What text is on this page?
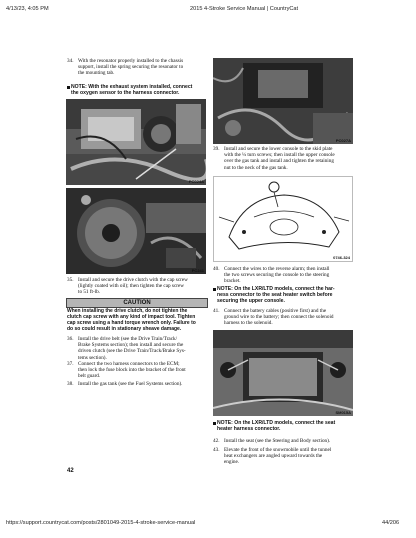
4/13/23, 4:05 PM	2015 4-Stroke Service Manual | CountryCat
https://support.countrycat.com/posts/2801049-2015-4-stroke-service-manual	44/206
34. With the resonator properly installed to the chassis
support, install the spring securing the resonator to
the mounting tab.
NOTE: With the exhaust system installed, connect
the oxygen sensor to the harness connector.
PC024A
PC241
35. Install and secure the drive clutch with the cap screw
(lightly coated with oil); then tighten the cap screw
to 51 ft-lb.
CAUTION
When installing the drive clutch, do not tighten the
clutch cap screw with any kind of impact tool. Tighten
cap screw using a hand torque wrench only. Failure to
do so could result in stationary sheave damage.
36. Install the drive belt (see the Drive Train/Track/
Brake Systems section); then install and secure the
driven clutch (see the Drive Train/Track/Brake Sys-
tems section).
37. Connect the two harness connectors to the ECM;
then lock the fuse block into the bracket of the front
belt guard.
38. Install the gas tank (see the Fuel Systems section).
42
PC027A
39. Install and secure the lower console to the skid plate
with the ¼ turn screws; then install the upper console
over the gas tank and install and tighten the retaining
nut to the neck of the gas tank.
0746-324
40. Connect the wires to the reverse alarm; then install
the two screws securing the console to the steering
bracket.
NOTE: On the LXR/LTD models, connect the har-
ness connector to the seat heater switch before
securing the upper console.
41. Connect the battery cables (positive first) and the
ground wire to the battery; then connect the solenoid
harness to the solenoid.
SM015A
NOTE: On the LXR/LTD models, connect the seat
heater harness connector.
42. Install the seat (see the Steering and Body section).
43. Elevate the front of the snowmobile until the tunnel
heat exchangers are angled upward towards the
engine.
